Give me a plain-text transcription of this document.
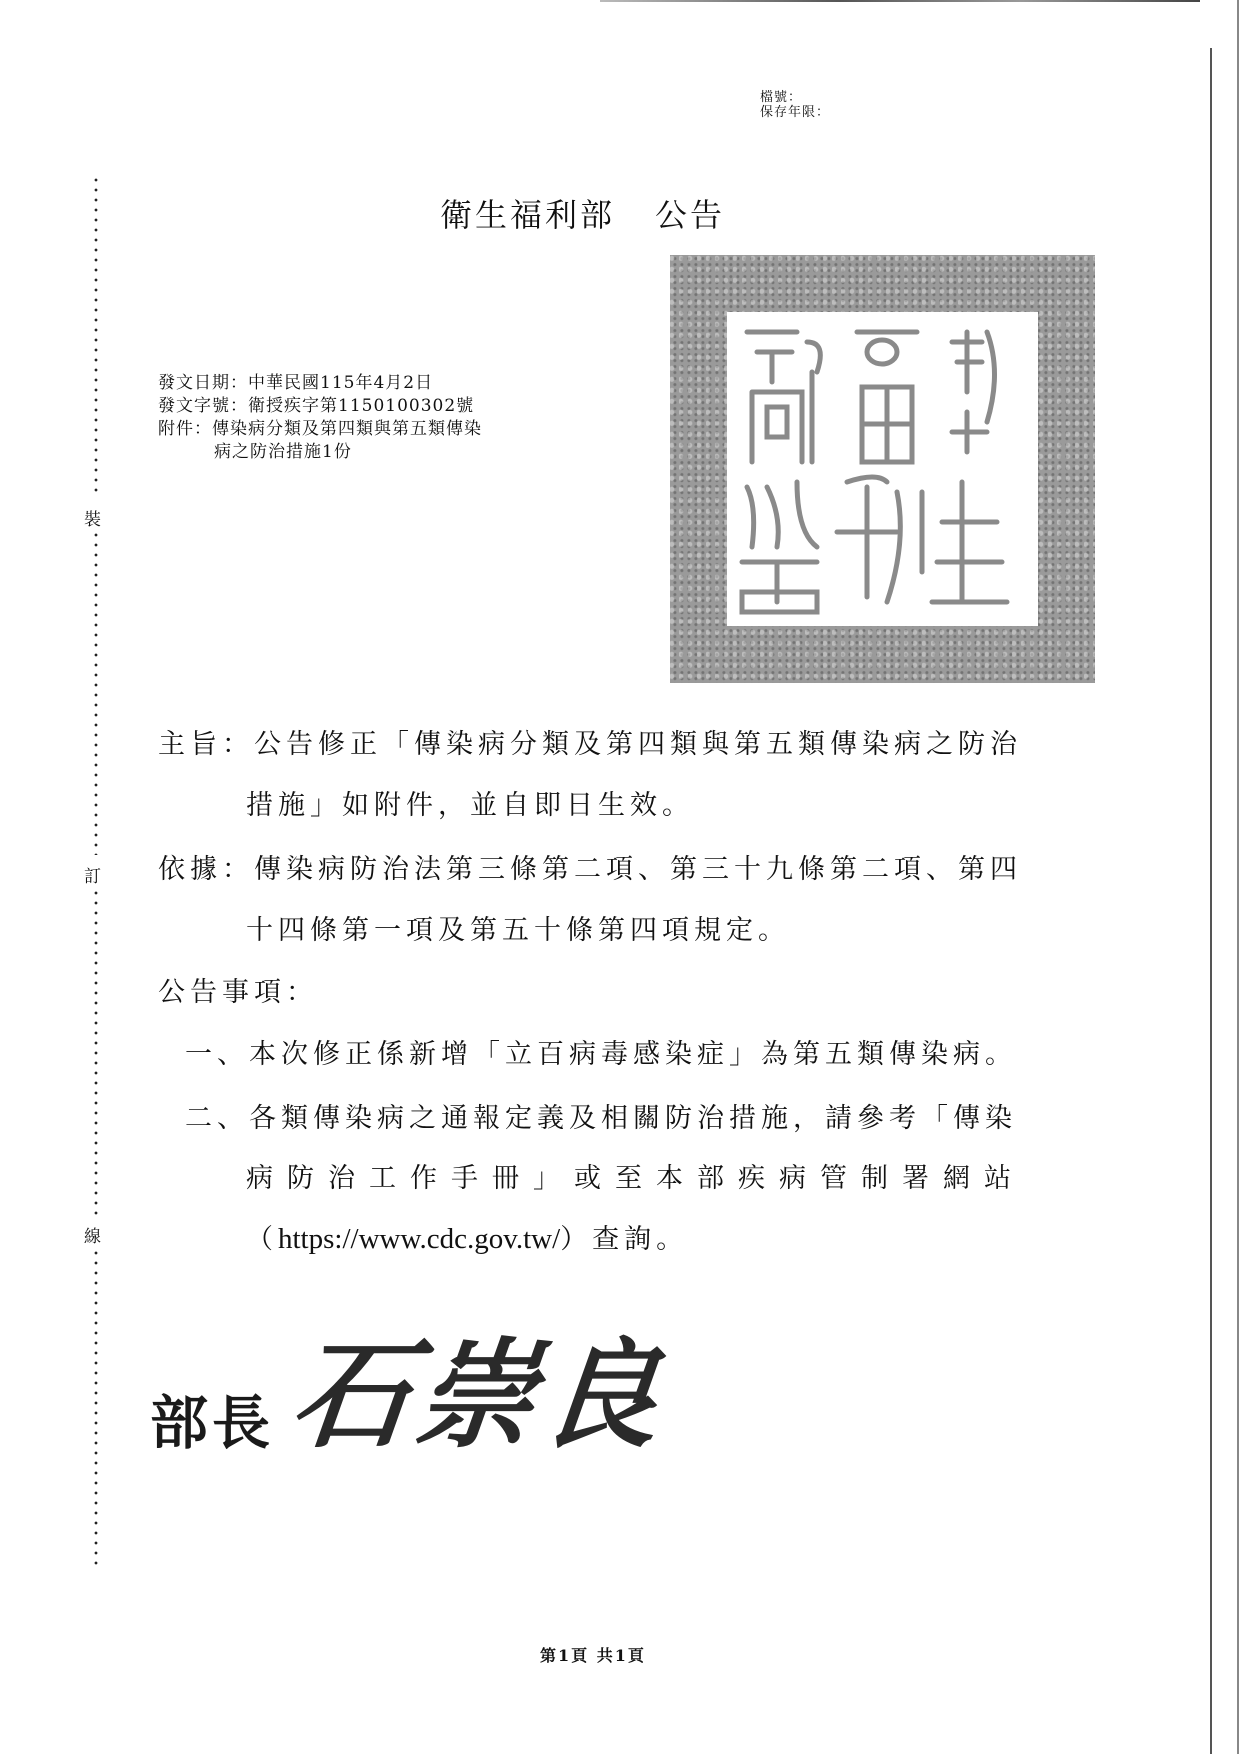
裝
訂
線
檔號：
保存年限：
衛生福利部 公告
發文日期：中華民國115年4月2日
發文字號：衛授疾字第1150100302號
附件：傳染病分類及第四類與第五類傳染
病之防治措施1份
主旨：公告修正「傳染病分類及第四類與第五類傳染病之防治
措施」如附件，並自即日生效。
依據：傳染病防治法第三條第二項、第三十九條第二項、第四
十四條第一項及第五十條第四項規定。
公告事項：
一、本次修正係新增「立百病毒感染症」為第五類傳染病。
二、各類傳染病之通報定義及相關防治措施，請參考「傳染
病防治工作手冊」或至本部疾病管制署網站
（https://www.cdc.gov.tw/）查詢。
部長 石崇良
第1頁 共1頁
